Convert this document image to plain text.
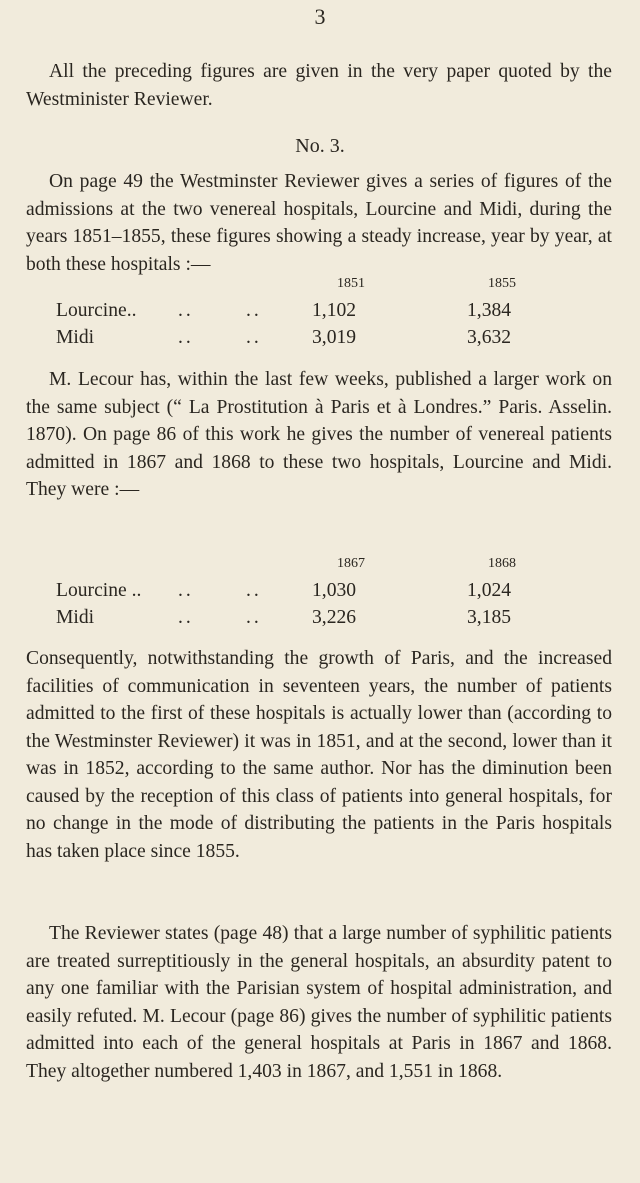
3

All the preceding figures are given in the very paper quoted by the Westminister Reviewer.

No. 3.

On page 49 the Westminster Reviewer gives a series of figures of the admissions at the two venereal hospitals, Lourcine and Midi, during the years 1851–1855, these figures showing a steady increase, year by year, at both these hospitals :—

1851	1855
Lourcine.. ..	..	1,102	1,384
Midi	..	..	3,019	3,632

M. Lecour has, within the last few weeks, published a larger work on the same subject (“ La Prostitution à Paris et à Londres.” Paris. Asselin. 1870). On page 86 of this work he gives the number of venereal patients admitted in 1867 and 1868 to these two hospitals, Lourcine and Midi. They were :—

1867	1868
Lourcine .. ..	..	1,030	1,024
Midi	..	..	3,226	3,185

Consequently, notwithstanding the growth of Paris, and the increased facilities of communication in seventeen years, the number of patients admitted to the first of these hospitals is actually lower than (according to the Westminster Reviewer) it was in 1851, and at the second, lower than it was in 1852, according to the same author. Nor has the diminution been caused by the reception of this class of patients into general hospitals, for no change in the mode of distributing the patients in the Paris hospitals has taken place since 1855.

The Reviewer states (page 48) that a large number of syphilitic patients are treated surreptitiously in the general hospitals, an absurdity patent to any one familiar with the Parisian system of hospital administration, and easily refuted. M. Lecour (page 86) gives the number of syphilitic patients admitted into each of the general hospitals at Paris in 1867 and 1868. They altogether numbered 1,403 in 1867, and 1,551 in 1868.
